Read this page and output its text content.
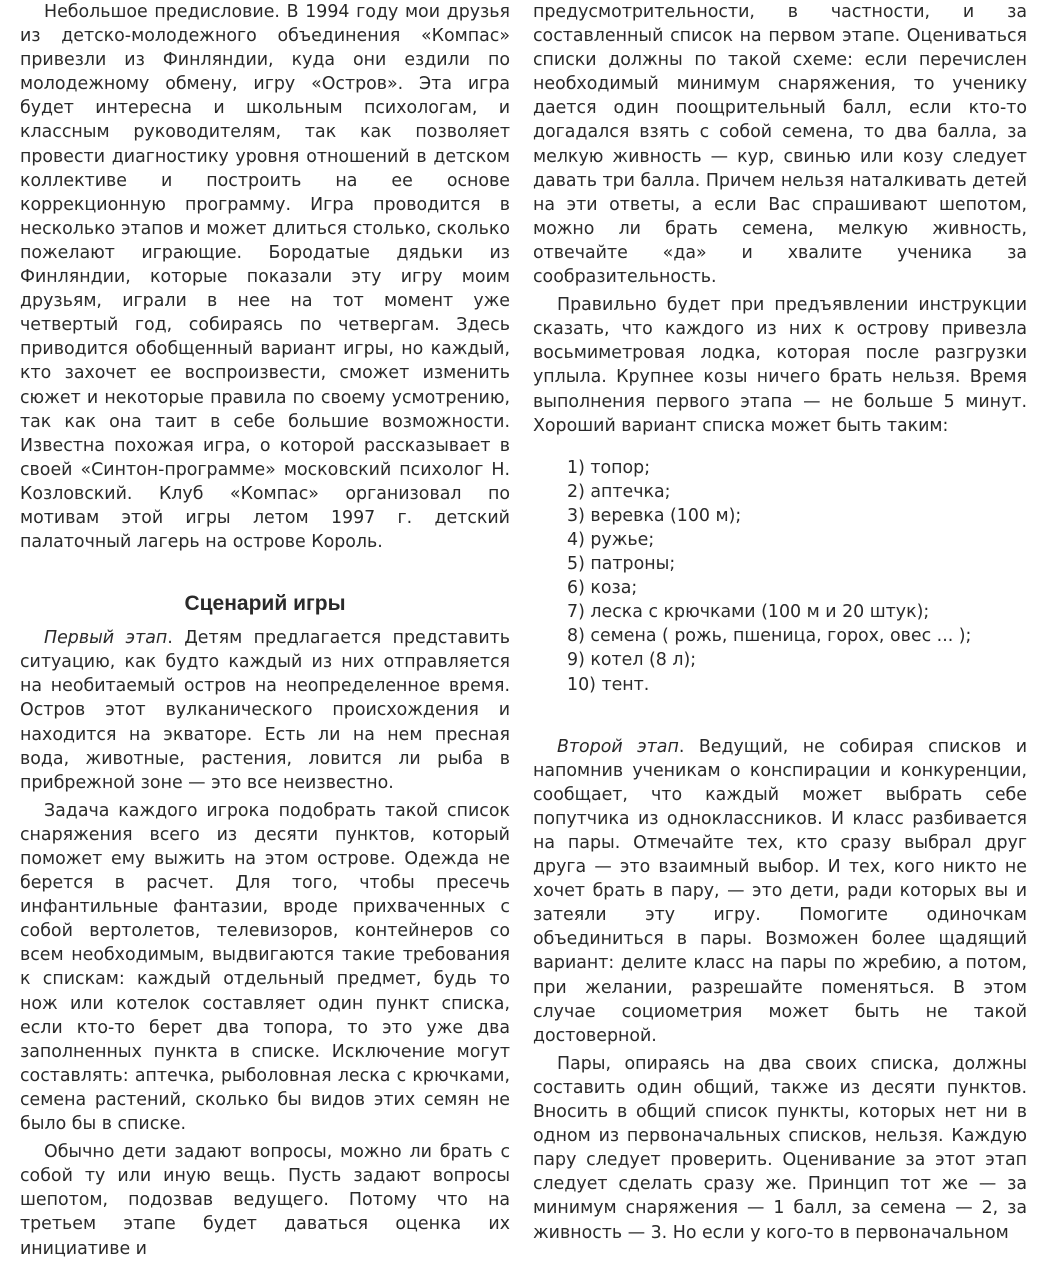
Небольшое предисловие. В 1994 году мои друзья из детско-молодежного объединения «Компас» привезли из Финляндии, куда они ездили по молодежному обмену, игру «Остров». Эта игра будет интересна и школьным психологам, и классным руководителям, так как позволяет провести диагностику уровня отношений в детском коллективе и построить на ее основе коррекционную программу. Игра проводится в несколько этапов и может длиться столько, сколько пожелают играющие. Бородатые дядьки из Финляндии, которые показали эту игру моим друзьям, играли в нее на тот момент уже четвертый год, собираясь по четвергам. Здесь приводится обобщенный вариант игры, но каждый, кто захочет ее воспроизвести, сможет изменить сюжет и некоторые правила по своему усмотрению, так как она таит в себе большие возможности. Известна похожая игра, о которой рассказывает в своей «Синтон-программе» московский психолог Н. Козловский. Клуб «Компас» организовал по мотивам этой игры летом 1997 г. детский палаточный лагерь на острове Король.

Сценарий игры

Первый этап. Детям предлагается представить ситуацию, как будто каждый из них отправляется на необитаемый остров на неопределенное время. Остров этот вулканического происхождения и находится на экваторе. Есть ли на нем пресная вода, животные, растения, ловится ли рыба в прибрежной зоне — это все неизвестно.

Задача каждого игрока подобрать такой список снаряжения всего из десяти пунктов, который поможет ему выжить на этом острове. Одежда не берется в расчет. Для того, чтобы пресечь инфантильные фантазии, вроде прихваченных с собой вертолетов, телевизоров, контейнеров со всем необходимым, выдвигаются такие требования к спискам: каждый отдельный предмет, будь то нож или котелок составляет один пункт списка, если кто-то берет два топора, то это уже два заполненных пункта в списке. Исключение могут составлять: аптечка, рыболовная леска с крючками, семена растений, сколько бы видов этих семян не было бы в списке.

Обычно дети задают вопросы, можно ли брать с собой ту или иную вещь. Пусть задают вопросы шепотом, подозвав ведущего. Потому что на третьем этапе будет даваться оценка их инициативе и

предусмотрительности, в частности, и за составленный список на первом этапе. Оцениваться списки должны по такой схеме: если перечислен необходимый минимум снаряжения, то ученику дается один поощрительный балл, если кто-то догадался взять с собой семена, то два балла, за мелкую живность — кур, свинью или козу следует давать три балла. Причем нельзя наталкивать детей на эти ответы, а если Вас спрашивают шепотом, можно ли брать семена, мелкую живность, отвечайте «да» и хвалите ученика за сообразительность.

Правильно будет при предъявлении инструкции сказать, что каждого из них к острову привезла восьмиметровая лодка, которая после разгрузки уплыла. Крупнее козы ничего брать нельзя. Время выполнения первого этапа — не больше 5 минут. Хороший вариант списка может быть таким:

1) топор;
2) аптечка;
3) веревка (100 м);
4) ружье;
5) патроны;
6) коза;
7) леска с крючками (100 м и 20 штук);
8) семена ( рожь, пшеница, горох, овес ... );
9) котел (8 л);
10) тент.

Второй этап. Ведущий, не собирая списков и напомнив ученикам о конспирации и конкуренции, сообщает, что каждый может выбрать себе попутчика из одноклассников. И класс разбивается на пары. Отмечайте тех, кто сразу выбрал друг друга — это взаимный выбор. И тех, кого никто не хочет брать в пару, — это дети, ради которых вы и затеяли эту игру. Помогите одиночкам объединиться в пары. Возможен более щадящий вариант: делите класс на пары по жребию, а потом, при желании, разрешайте поменяться. В этом случае социометрия может быть не такой достоверной.

Пары, опираясь на два своих списка, должны составить один общий, также из десяти пунктов. Вносить в общий список пункты, которых нет ни в одном из первоначальных списков, нельзя. Каждую пару следует проверить. Оценивание за этот этап следует сделать сразу же. Принцип тот же — за минимум снаряжения — 1 балл, за семена — 2, за живность — 3. Но если у кого-то в первоначальном
